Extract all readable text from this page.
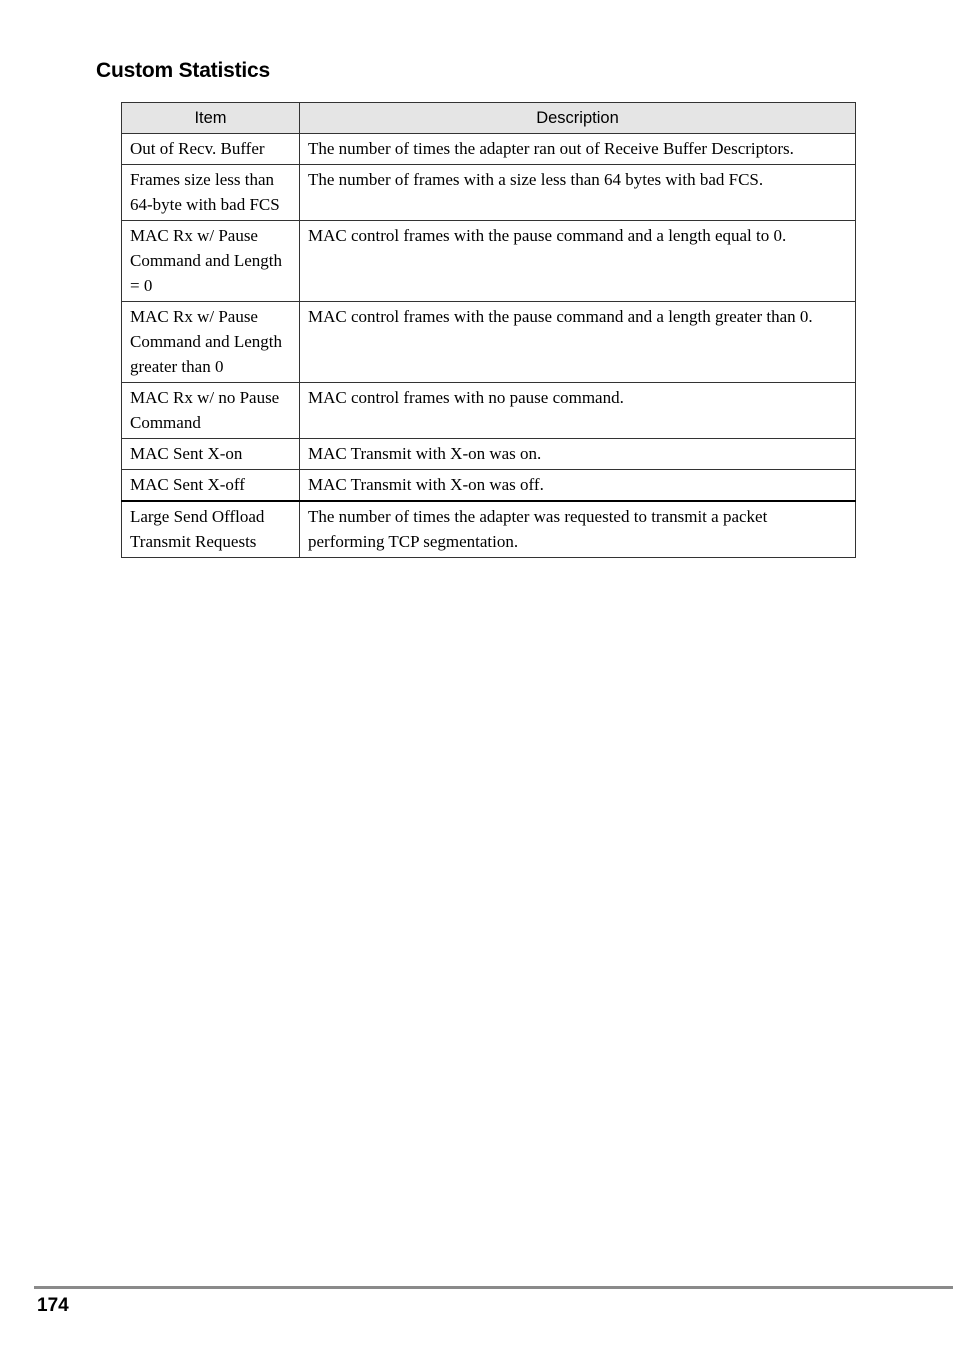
Custom Statistics
Item	Description
Out of Recv. Buffer	The number of times the adapter ran out of Receive Buffer Descriptors.
Frames size less than 64-byte with bad FCS	The number of frames with a size less than 64 bytes with bad FCS.
MAC Rx w/ Pause Command and Length = 0	MAC control frames with the pause command and a length equal to 0.
MAC Rx w/ Pause Command and Length greater than 0	MAC control frames with the pause command and a length greater than 0.
MAC Rx w/ no Pause Command	MAC control frames with no pause command.
MAC Sent X-on	MAC Transmit with X-on was on.
MAC Sent X-off	MAC Transmit with X-on was off.
Large Send Offload Transmit Requests	The number of times the adapter was requested to transmit a packet performing TCP segmentation.
174
